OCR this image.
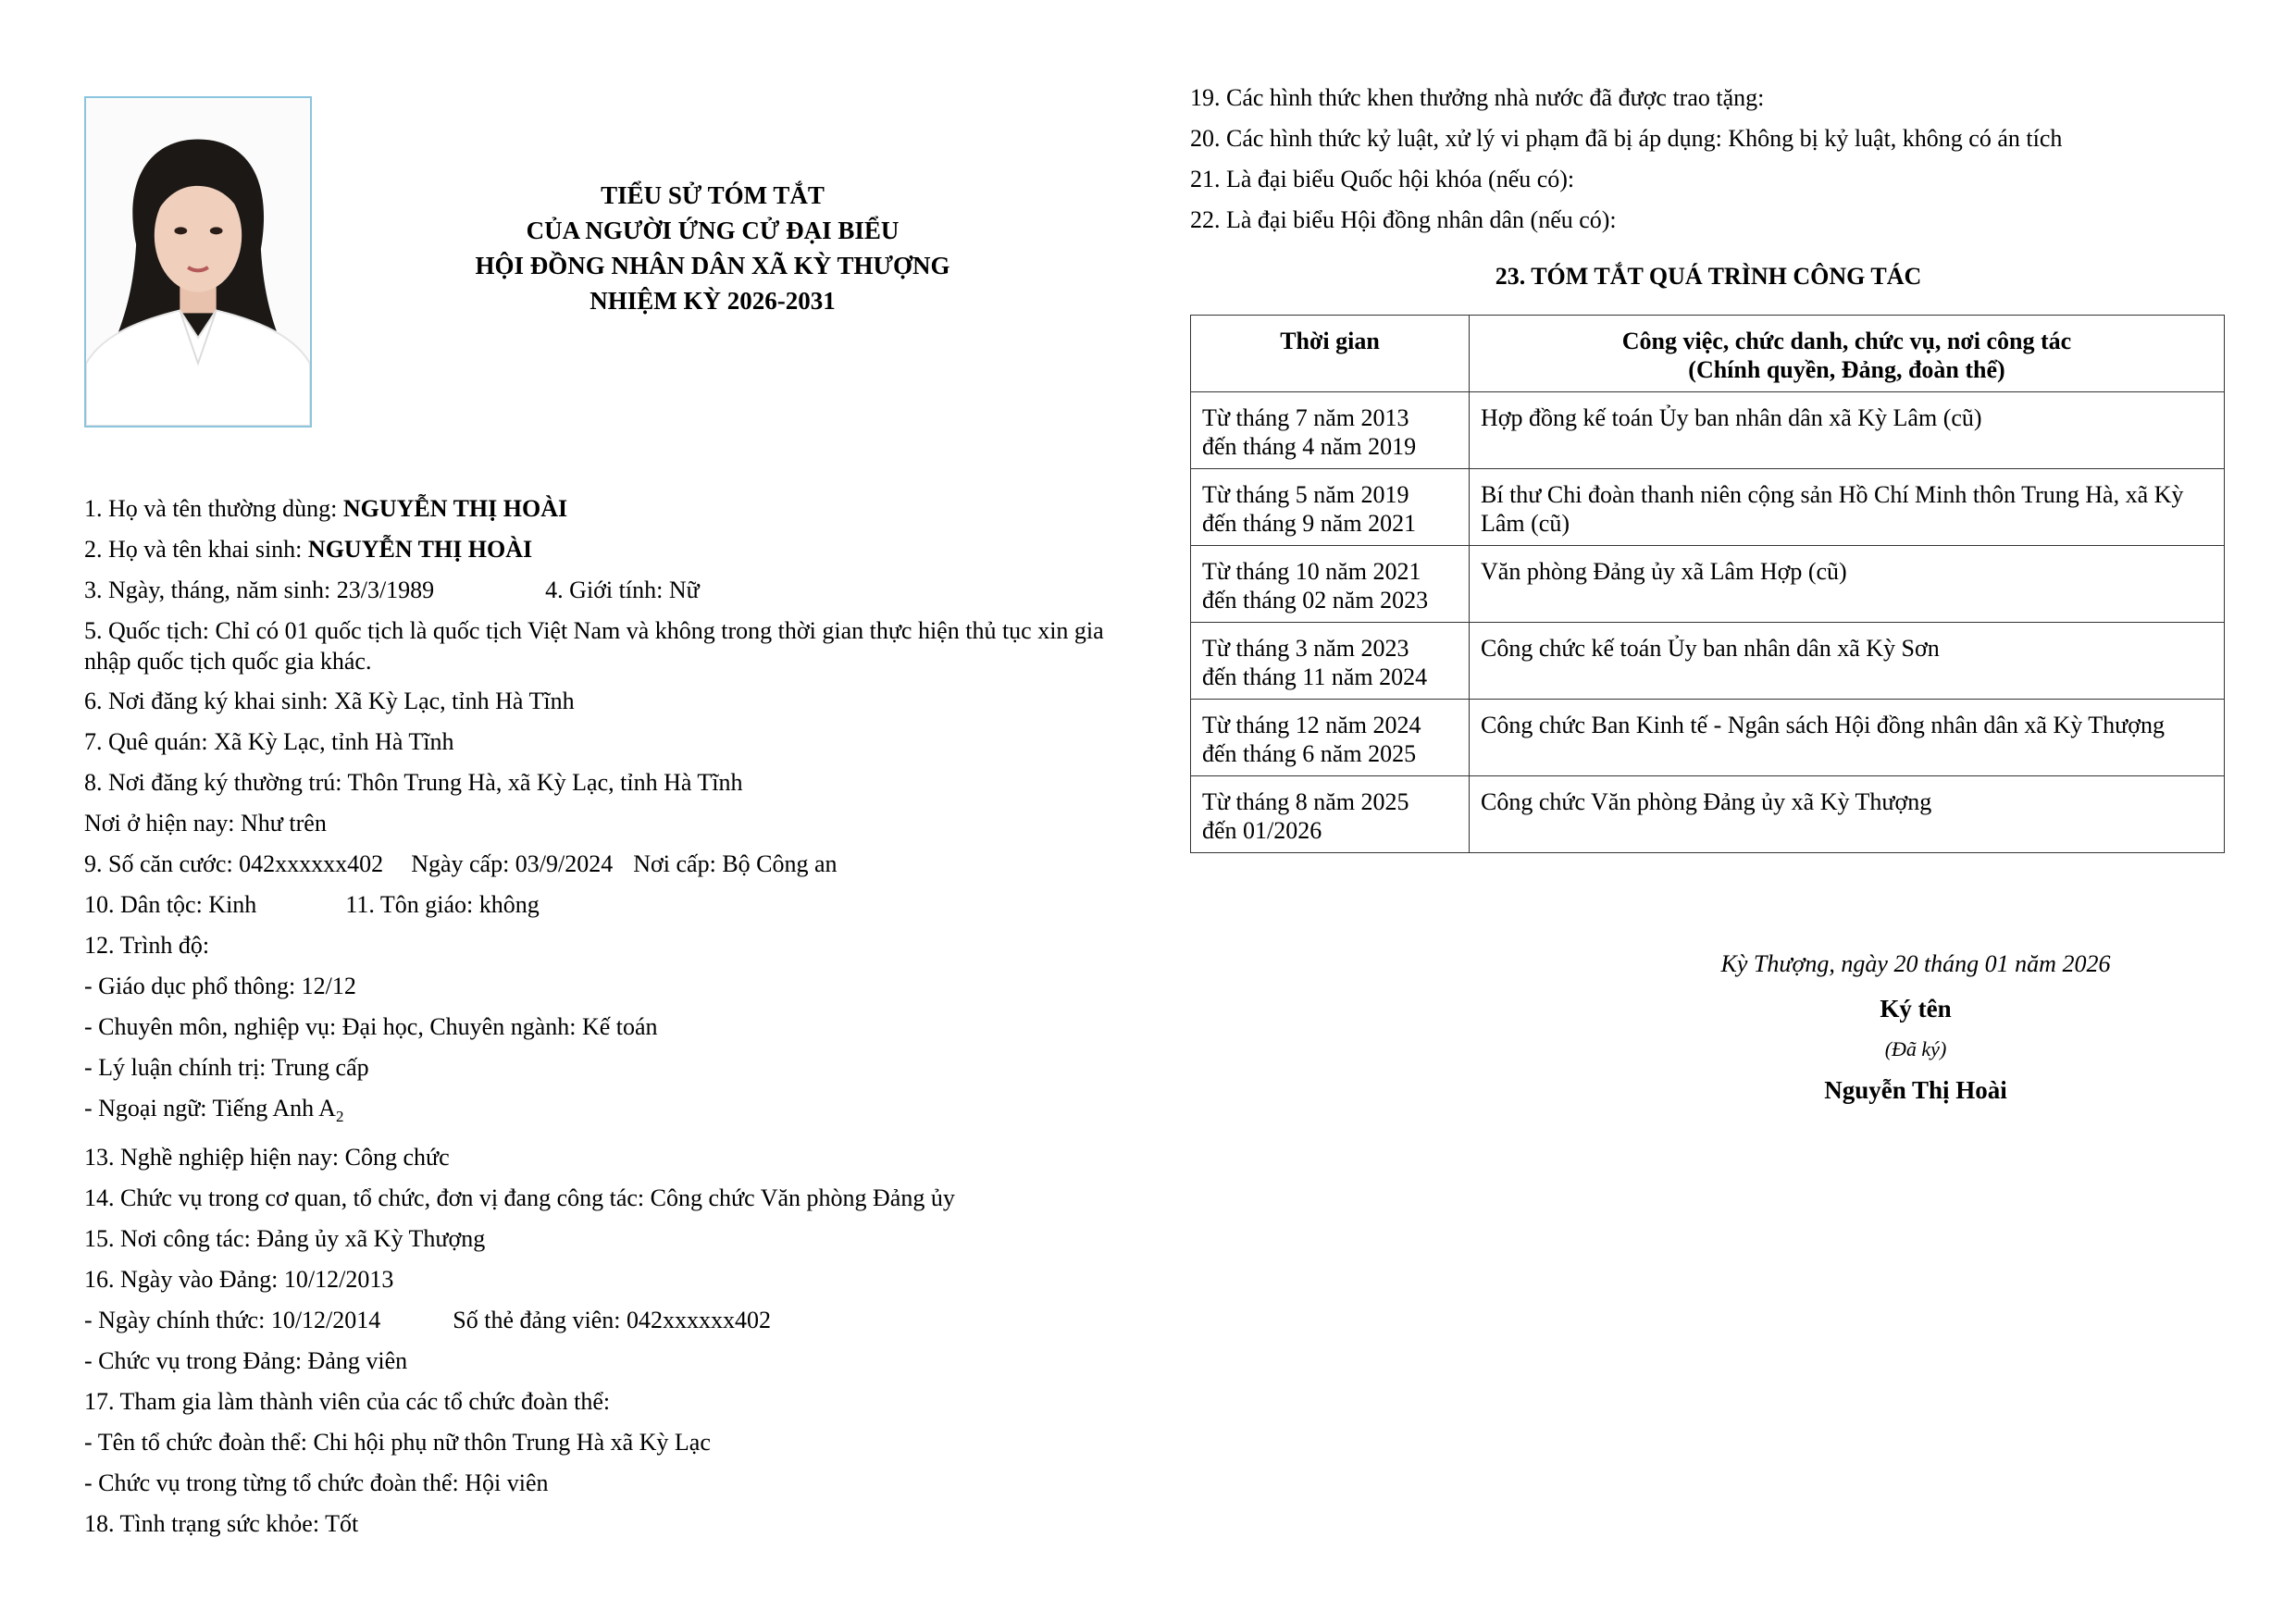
TIỂU SỬ TÓM TẮT
CỦA NGƯỜI ỨNG CỬ ĐẠI BIỂU
HỘI ĐỒNG NHÂN DÂN XÃ KỲ THƯỢNG
NHIỆM KỲ 2026-2031
1. Họ và tên thường dùng: NGUYỄN THỊ HOÀI
2. Họ và tên khai sinh: NGUYỄN THỊ HOÀI
3. Ngày, tháng, năm sinh: 23/3/1989	4. Giới tính: Nữ
5. Quốc tịch: Chỉ có 01 quốc tịch là quốc tịch Việt Nam và không trong thời gian thực hiện thủ tục xin gia nhập quốc tịch quốc gia khác.
6. Nơi đăng ký khai sinh: Xã Kỳ Lạc, tỉnh Hà Tĩnh
7. Quê quán: Xã Kỳ Lạc, tỉnh Hà Tĩnh
8. Nơi đăng ký thường trú: Thôn Trung Hà, xã Kỳ Lạc, tỉnh Hà Tĩnh
Nơi ở hiện nay: Như trên
9. Số căn cước: 042xxxxxx402 Ngày cấp: 03/9/2024 Nơi cấp: Bộ Công an
10. Dân tộc: Kinh	11. Tôn giáo: không
12. Trình độ:
- Giáo dục phổ thông: 12/12
- Chuyên môn, nghiệp vụ: Đại học, Chuyên ngành: Kế toán
- Lý luận chính trị: Trung cấp
- Ngoại ngữ: Tiếng Anh $A_2$
13. Nghề nghiệp hiện nay: Công chức
14. Chức vụ trong cơ quan, tổ chức, đơn vị đang công tác: Công chức Văn phòng Đảng ủy
15. Nơi công tác: Đảng ủy xã Kỳ Thượng
16. Ngày vào Đảng: 10/12/2013
- Ngày chính thức: 10/12/2014	Số thẻ đảng viên: 042xxxxxx402
- Chức vụ trong Đảng: Đảng viên
17. Tham gia làm thành viên của các tổ chức đoàn thể:
- Tên tổ chức đoàn thể: Chi hội phụ nữ thôn Trung Hà xã Kỳ Lạc
- Chức vụ trong từng tổ chức đoàn thể: Hội viên
18. Tình trạng sức khỏe: Tốt
19. Các hình thức khen thưởng nhà nước đã được trao tặng:
20. Các hình thức kỷ luật, xử lý vi phạm đã bị áp dụng: Không bị kỷ luật, không có án tích
21. Là đại biểu Quốc hội khóa (nếu có):
22. Là đại biểu Hội đồng nhân dân (nếu có):
23. TÓM TẮT QUÁ TRÌNH CÔNG TÁC
Thời gian	Công việc, chức danh, chức vụ, nơi công tác
(Chính quyền, Đảng, đoàn thể)

Từ tháng 7 năm 2013
đến tháng 4 năm 2019	Hợp đồng kế toán Ủy ban nhân dân xã Kỳ Lâm (cũ)

Từ tháng 5 năm 2019
đến tháng 9 năm 2021	Bí thư Chi đoàn thanh niên cộng sản Hồ Chí Minh thôn Trung Hà, xã Kỳ Lâm (cũ)

Từ tháng 10 năm 2021
đến tháng 02 năm 2023	Văn phòng Đảng ủy xã Lâm Hợp (cũ)

Từ tháng 3 năm 2023
đến tháng 11 năm 2024	Công chức kế toán Ủy ban nhân dân xã Kỳ Sơn

Từ tháng 12 năm 2024
đến tháng 6 năm 2025	Công chức Ban Kinh tế - Ngân sách Hội đồng nhân dân xã Kỳ Thượng

Từ tháng 8 năm 2025
đến 01/2026	Công chức Văn phòng Đảng ủy xã Kỳ Thượng
Kỳ Thượng, ngày 20 tháng 01 năm 2026
Ký tên
(Đã ký)
Nguyễn Thị Hoài
